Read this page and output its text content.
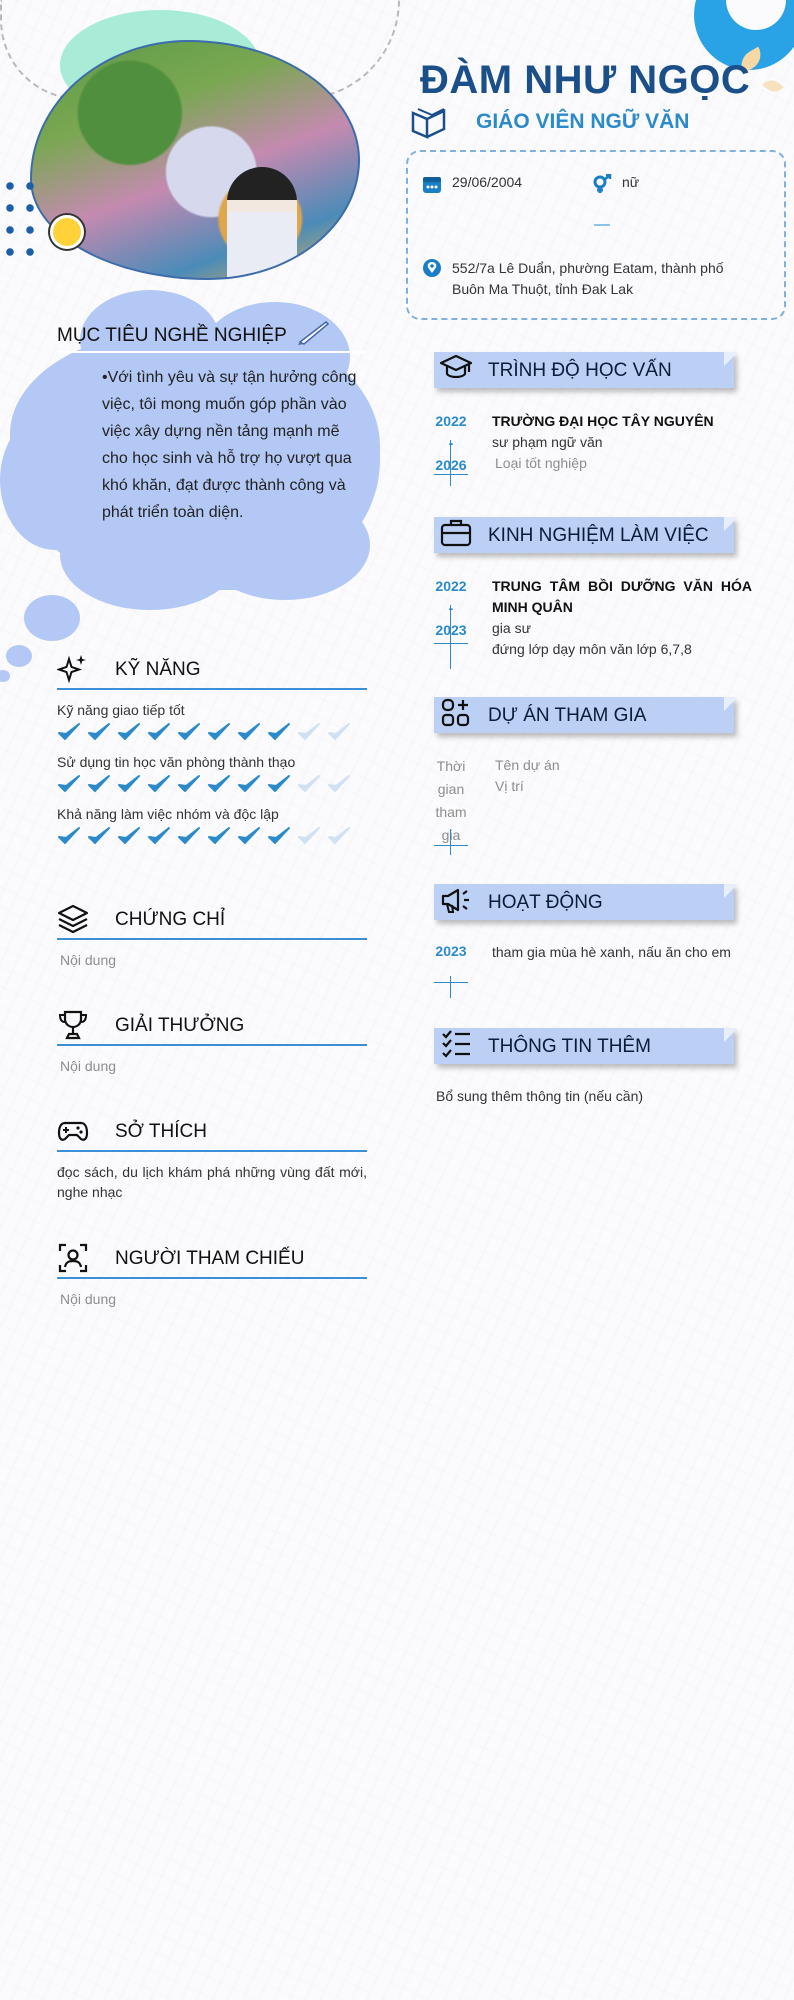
ĐÀM NHƯ NGỌC
GIÁO VIÊN NGỮ VĂN
29/06/2004	nữ
552/7a Lê Duẩn, phường Eatam, thành phố
Buôn Ma Thuột, tỉnh Đak Lak
MỤC TIÊU NGHỀ NGHIỆP
•Với tình yêu và sự tận hưởng công việc, tôi mong muốn góp phần vào việc xây dựng nền tảng mạnh mẽ cho học sinh và hỗ trợ họ vượt qua khó khăn, đạt được thành công và phát triển toàn diện.
KỸ NĂNG
Kỹ năng giao tiếp tốt
Sử dụng tin học văn phòng thành thạo
Khả năng làm việc nhóm và độc lập
CHỨNG CHỈ
Nội dung
GIẢI THƯỞNG
Nội dung
SỞ THÍCH
đọc sách, du lịch khám phá những vùng đất mới, nghe nhạc
NGƯỜI THAM CHIẾU
Nội dung
TRÌNH ĐỘ HỌC VẤN
2022
-
2026
TRƯỜNG ĐẠI HỌC TÂY NGUYÊN
sư phạm ngữ văn
Loại tốt nghiệp
KINH NGHIỆM LÀM VIỆC
2022
-
2023
TRUNG TÂM BỒI DƯỠNG VĂN HÓA MINH QUÂN
gia sư
đứng lớp dạy môn văn lớp 6,7,8
DỰ ÁN THAM GIA
Thời gian tham gia
Tên dự án
Vị trí
HOẠT ĐỘNG
2023 tham gia mùa hè xanh, nấu ăn cho em
THÔNG TIN THÊM
Bổ sung thêm thông tin (nếu cần)
